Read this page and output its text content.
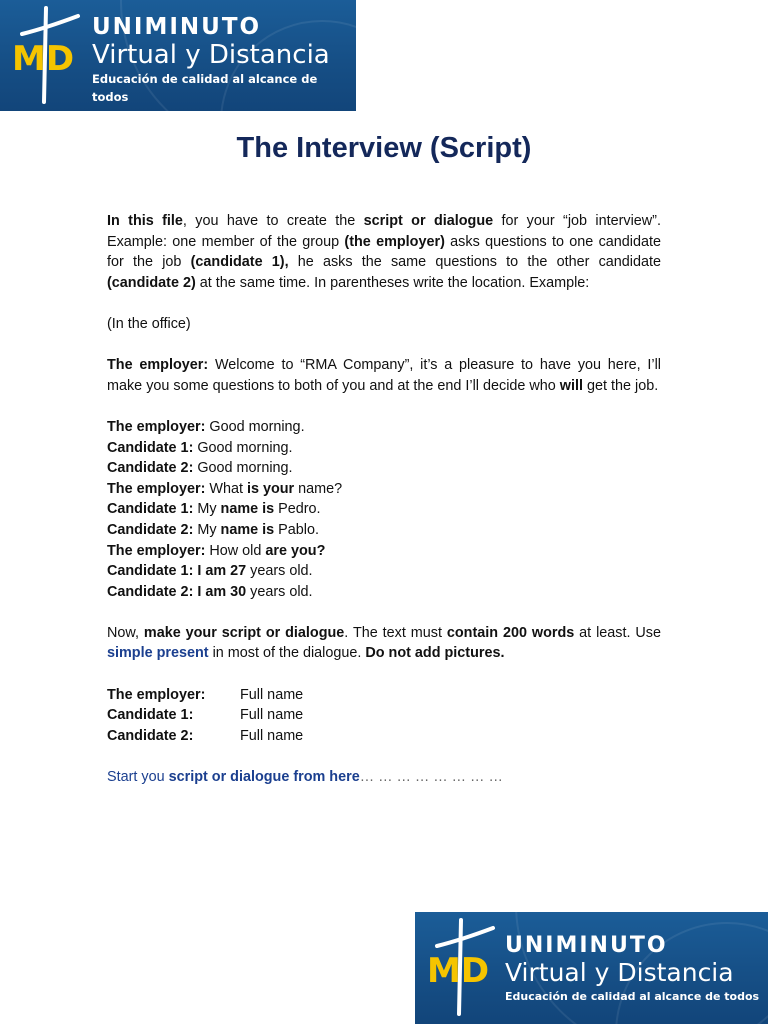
MD
UNIMINUTO
Virtual y Distancia
Educación de calidad al alcance de todos
The Interview (Script)

In this file, you have to create the script or dialogue for your “job interview”. Example: one member of the group (the employer) asks questions to one candidate for the job (candidate 1), he asks the same questions to the other candidate (candidate 2) at the same time. In parentheses write the location. Example:

(In the office)

The employer: Welcome to “RMA Company”, it’s a pleasure to have you here, I’ll make you some questions to both of you and at the end I’ll decide who will get the job.

The employer: Good morning.

Candidate 1: Good morning.

Candidate 2: Good morning.

The employer: What is your name?

Candidate 1: My name is Pedro.

Candidate 2: My name is Pablo.

The employer: How old are you?

Candidate 1: I am 27 years old.

Candidate 2: I am 30 years old.

Now, make your script or dialogue. The text must contain 200 words at least. Use simple present in most of the dialogue. Do not add pictures.

The employer:	Full name
Candidate 1:	Full name
Candidate 2:	Full name

Start you script or dialogue from here… … … … … … … …

MD
UNIMINUTO
Virtual y Distancia
Educación de calidad al alcance de todos
